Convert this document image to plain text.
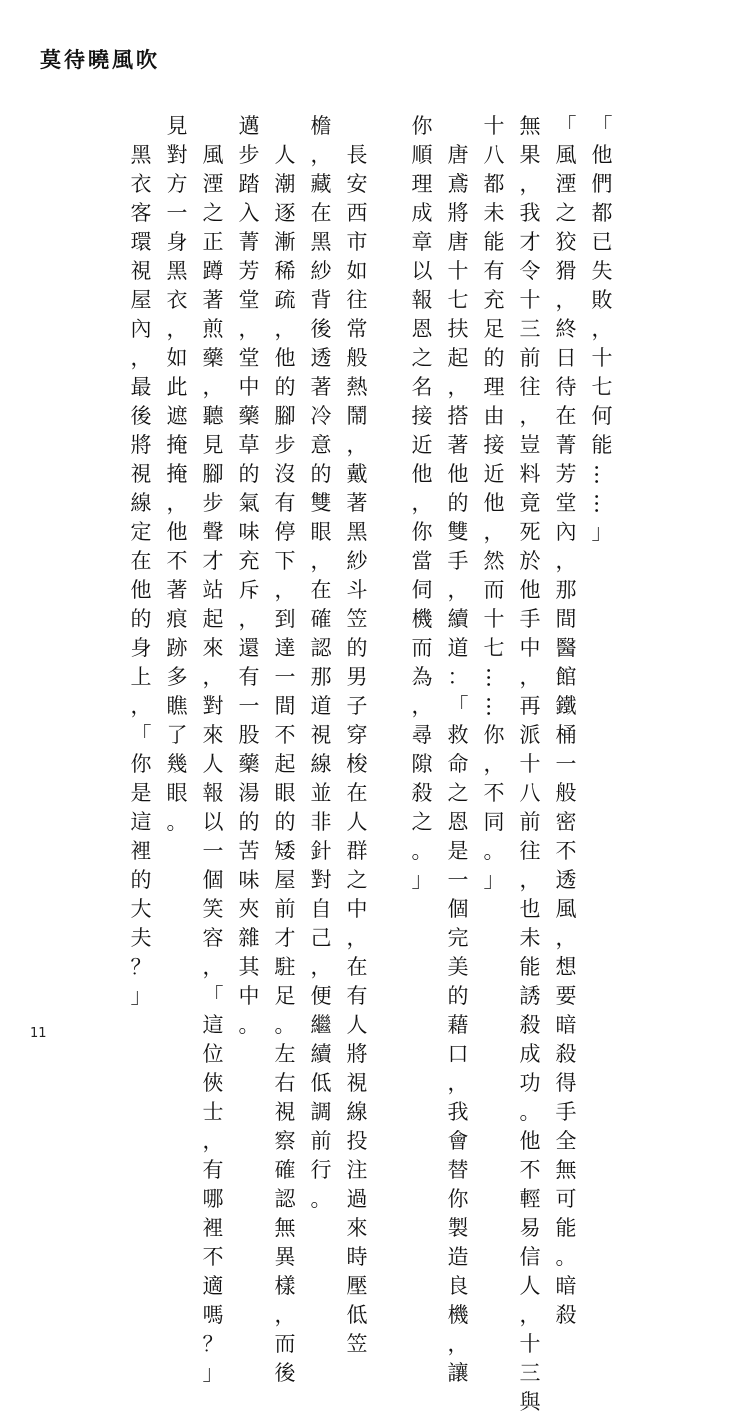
莫待曉風吹
「
他
們
都
已
失
敗
，
十
七
何
能
…
…
」
「
風
湮
之
狡
猾
，
終
日
待
在
菁
芳
堂
內
，
那
間
醫
館
鐵
桶
一
般
密
不
透
風
，
想
要
暗
殺
得
手
全
無
可
能
。
暗
殺
無
果
，
我
才
令
十
三
前
往
，
豈
料
竟
死
於
他
手
中
，
再
派
十
八
前
往
，
也
未
能
誘
殺
成
功
。
他
不
輕
易
信
人
，
十
三
與
十
八
都
未
能
有
充
足
的
理
由
接
近
他
，
然
而
十
七
…
…
你
，
不
同
。
」

唐
鳶
將
唐
十
七
扶
起
，
搭
著
他
的
雙
手
，
續
道
：
「
救
命
之
恩
是
一
個
完
美
的
藉
口
，
我
會
替
你
製
造
良
機
，
讓
你
順
理
成
章
以
報
恩
之
名
接
近
他
，
你
當
伺
機
而
為
，
尋
隙
殺
之
。
」

長
安
西
市
如
往
常
般
熱
鬧
，
戴
著
黑
紗
斗
笠
的
男
子
穿
梭
在
人
群
之
中
，
在
有
人
將
視
線
投
注
過
來
時
壓
低
笠
檐
，
藏
在
黑
紗
背
後
透
著
冷
意
的
雙
眼
，
在
確
認
那
道
視
線
並
非
針
對
自
己
，
便
繼
續
低
調
前
行
。

人
潮
逐
漸
稀
疏
，
他
的
腳
步
沒
有
停
下
，
到
達
一
間
不
起
眼
的
矮
屋
前
才
駐
足
。
左
右
視
察
確
認
無
異
樣
，
而
後
邁
步
踏
入
菁
芳
堂
，
堂
中
藥
草
的
氣
味
充
斥
，
還
有
一
股
藥
湯
的
苦
味
夾
雜
其
中
。

風
湮
之
正
蹲
著
煎
藥
，
聽
見
腳
步
聲
才
站
起
來
，
對
來
人
報
以
一
個
笑
容
，
「
這
位
俠
士
，
有
哪
裡
不
適
嗎
？
」
見
對
方
一
身
黑
衣
，
如
此
遮
掩
掩
，
他
不
著
痕
跡
多
瞧
了
幾
眼
。

黑
衣
客
環
視
屋
內
，
最
後
將
視
線
定
在
他
的
身
上
，
「
你
是
這
裡
的
大
夫
？
」
11
